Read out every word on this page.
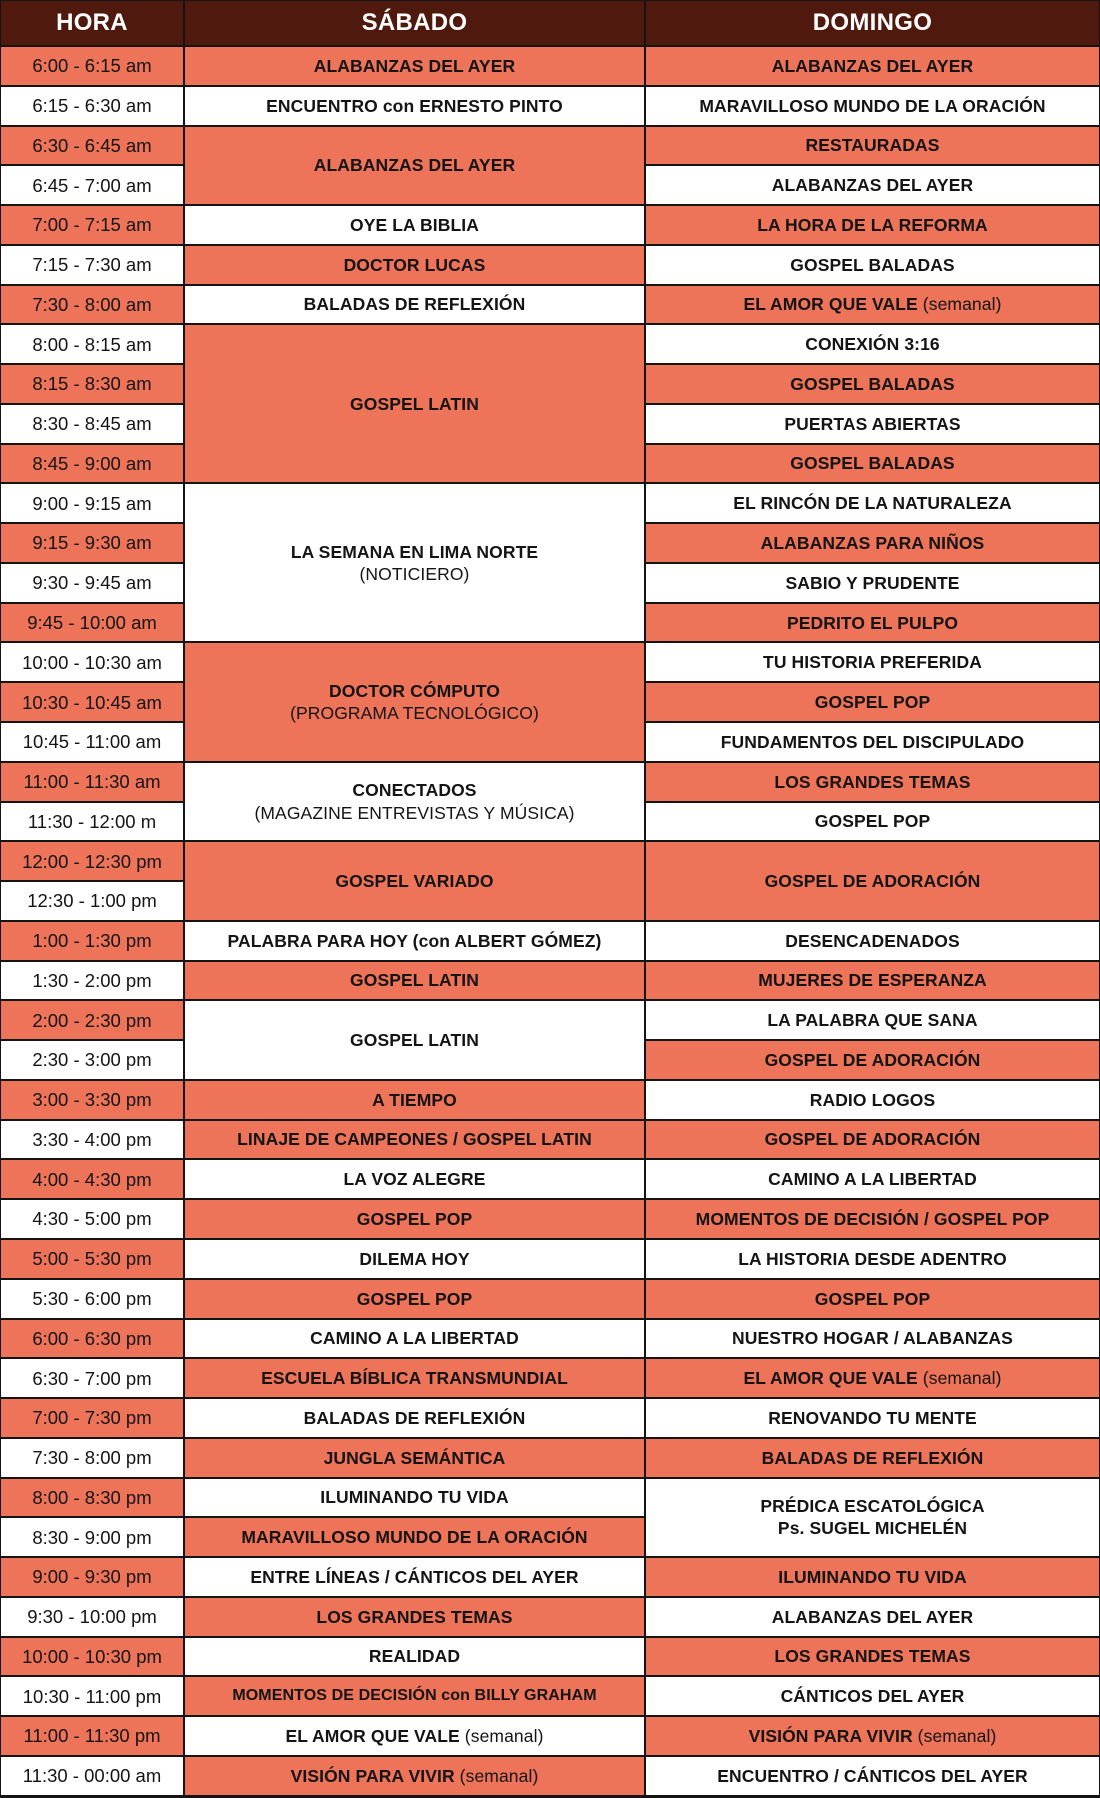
HORA	SÁBADO	DOMINGO
6:00 - 6:15 am
6:15 - 6:30 am
6:30 - 6:45 am
6:45 - 7:00 am
7:00 - 7:15 am
7:15 - 7:30 am
7:30 - 8:00 am
8:00 - 8:15 am
8:15 - 8:30 am
8:30 - 8:45 am
8:45 - 9:00 am
9:00 - 9:15 am
9:15 - 9:30 am
9:30 - 9:45 am
9:45 - 10:00 am
10:00 - 10:30 am
10:30 - 10:45 am
10:45 - 11:00 am
11:00 - 11:30 am
11:30 - 12:00 m
12:00 - 12:30 pm
12:30 - 1:00 pm
1:00 - 1:30 pm
1:30 - 2:00 pm
2:00 - 2:30 pm
2:30 - 3:00 pm
3:00 - 3:30 pm
3:30 - 4:00 pm
4:00 - 4:30 pm
4:30 - 5:00 pm
5:00 - 5:30 pm
5:30 - 6:00 pm
6:00 - 6:30 pm
6:30 - 7:00 pm
7:00 - 7:30 pm
7:30 - 8:00 pm
8:00 - 8:30 pm
8:30 - 9:00 pm
9:00 - 9:30 pm
9:30 - 10:00 pm
10:00 - 10:30 pm
10:30 - 11:00 pm
11:00 - 11:30 pm
11:30 - 00:00 am
ALABANZAS DEL AYER
ENCUENTRO con ERNESTO PINTO
ALABANZAS DEL AYER
OYE LA BIBLIA
DOCTOR LUCAS
BALADAS DE REFLEXIÓN
GOSPEL LATIN
LA SEMANA EN LIMA NORTE
(NOTICIERO)
DOCTOR CÓMPUTO
(PROGRAMA TECNOLÓGICO)
CONECTADOS
(MAGAZINE ENTREVISTAS Y MÚSICA)
GOSPEL VARIADO
PALABRA PARA HOY (con ALBERT GÓMEZ)
GOSPEL LATIN
GOSPEL LATIN
A TIEMPO
LINAJE DE CAMPEONES / GOSPEL LATIN
LA VOZ ALEGRE
GOSPEL POP
DILEMA HOY
GOSPEL POP
CAMINO A LA LIBERTAD
ESCUELA BÍBLICA TRANSMUNDIAL
BALADAS DE REFLEXIÓN
JUNGLA SEMÁNTICA
ILUMINANDO TU VIDA
MARAVILLOSO MUNDO DE LA ORACIÓN
ENTRE LÍNEAS / CÁNTICOS DEL AYER
LOS GRANDES TEMAS
REALIDAD
MOMENTOS DE DECISIÓN con BILLY GRAHAM
EL AMOR QUE VALE (semanal)
VISIÓN PARA VIVIR (semanal)
ALABANZAS DEL AYER
MARAVILLOSO MUNDO DE LA ORACIÓN
RESTAURADAS
ALABANZAS DEL AYER
LA HORA DE LA REFORMA
GOSPEL BALADAS
EL AMOR QUE VALE (semanal)
CONEXIÓN 3:16
GOSPEL BALADAS
PUERTAS ABIERTAS
GOSPEL BALADAS
EL RINCÓN DE LA NATURALEZA
ALABANZAS PARA NIÑOS
SABIO Y PRUDENTE
PEDRITO EL PULPO
TU HISTORIA PREFERIDA
GOSPEL POP
FUNDAMENTOS DEL DISCIPULADO
LOS GRANDES TEMAS
GOSPEL POP
GOSPEL DE ADORACIÓN
DESENCADENADOS
MUJERES DE ESPERANZA
LA PALABRA QUE SANA
GOSPEL DE ADORACIÓN
RADIO LOGOS
GOSPEL DE ADORACIÓN
CAMINO A LA LIBERTAD
MOMENTOS DE DECISIÓN / GOSPEL POP
LA HISTORIA DESDE ADENTRO
GOSPEL POP
NUESTRO HOGAR / ALABANZAS
EL AMOR QUE VALE (semanal)
RENOVANDO TU MENTE
BALADAS DE REFLEXIÓN
PRÉDICA ESCATOLÓGICA
Ps. SUGEL MICHELÉN
ILUMINANDO TU VIDA
ALABANZAS DEL AYER
LOS GRANDES TEMAS
CÁNTICOS DEL AYER
VISIÓN PARA VIVIR (semanal)
ENCUENTRO / CÁNTICOS DEL AYER
